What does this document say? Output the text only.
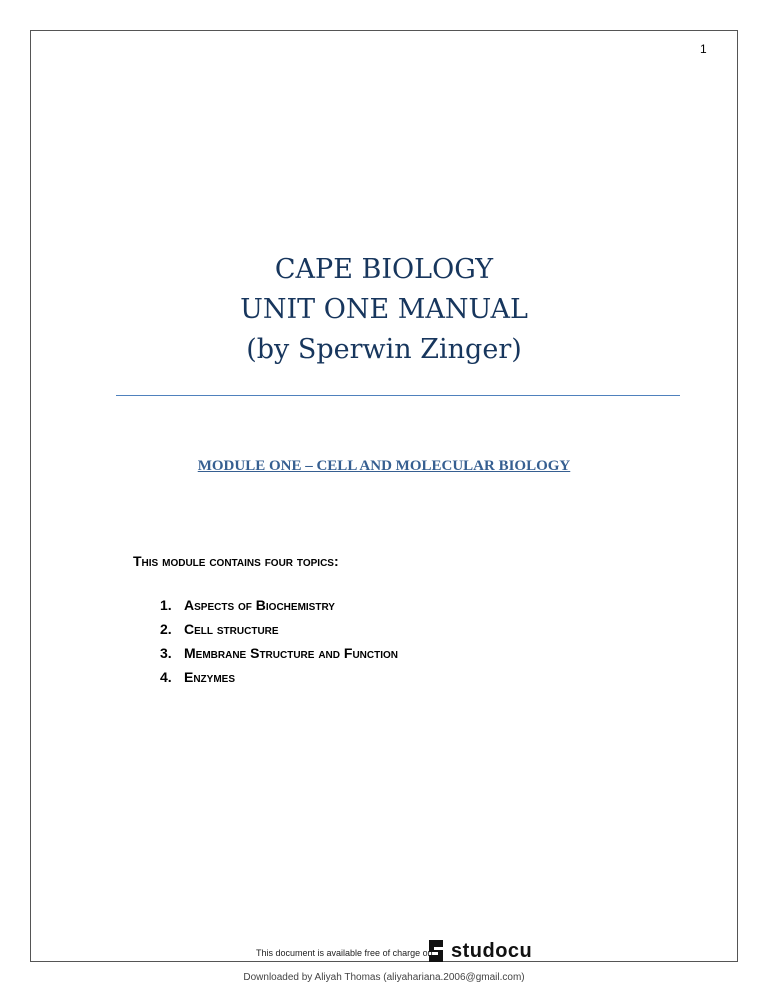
1
CAPE BIOLOGY
UNIT ONE MANUAL
(by Sperwin Zinger)
MODULE ONE – CELL AND MOLECULAR BIOLOGY
This module contains four topics:
1. Aspects of Biochemistry
2. Cell structure
3. Membrane Structure and Function
4. Enzymes
This document is available free of charge on studocu
Downloaded by Aliyah Thomas (aliyahariana.2006@gmail.com)
